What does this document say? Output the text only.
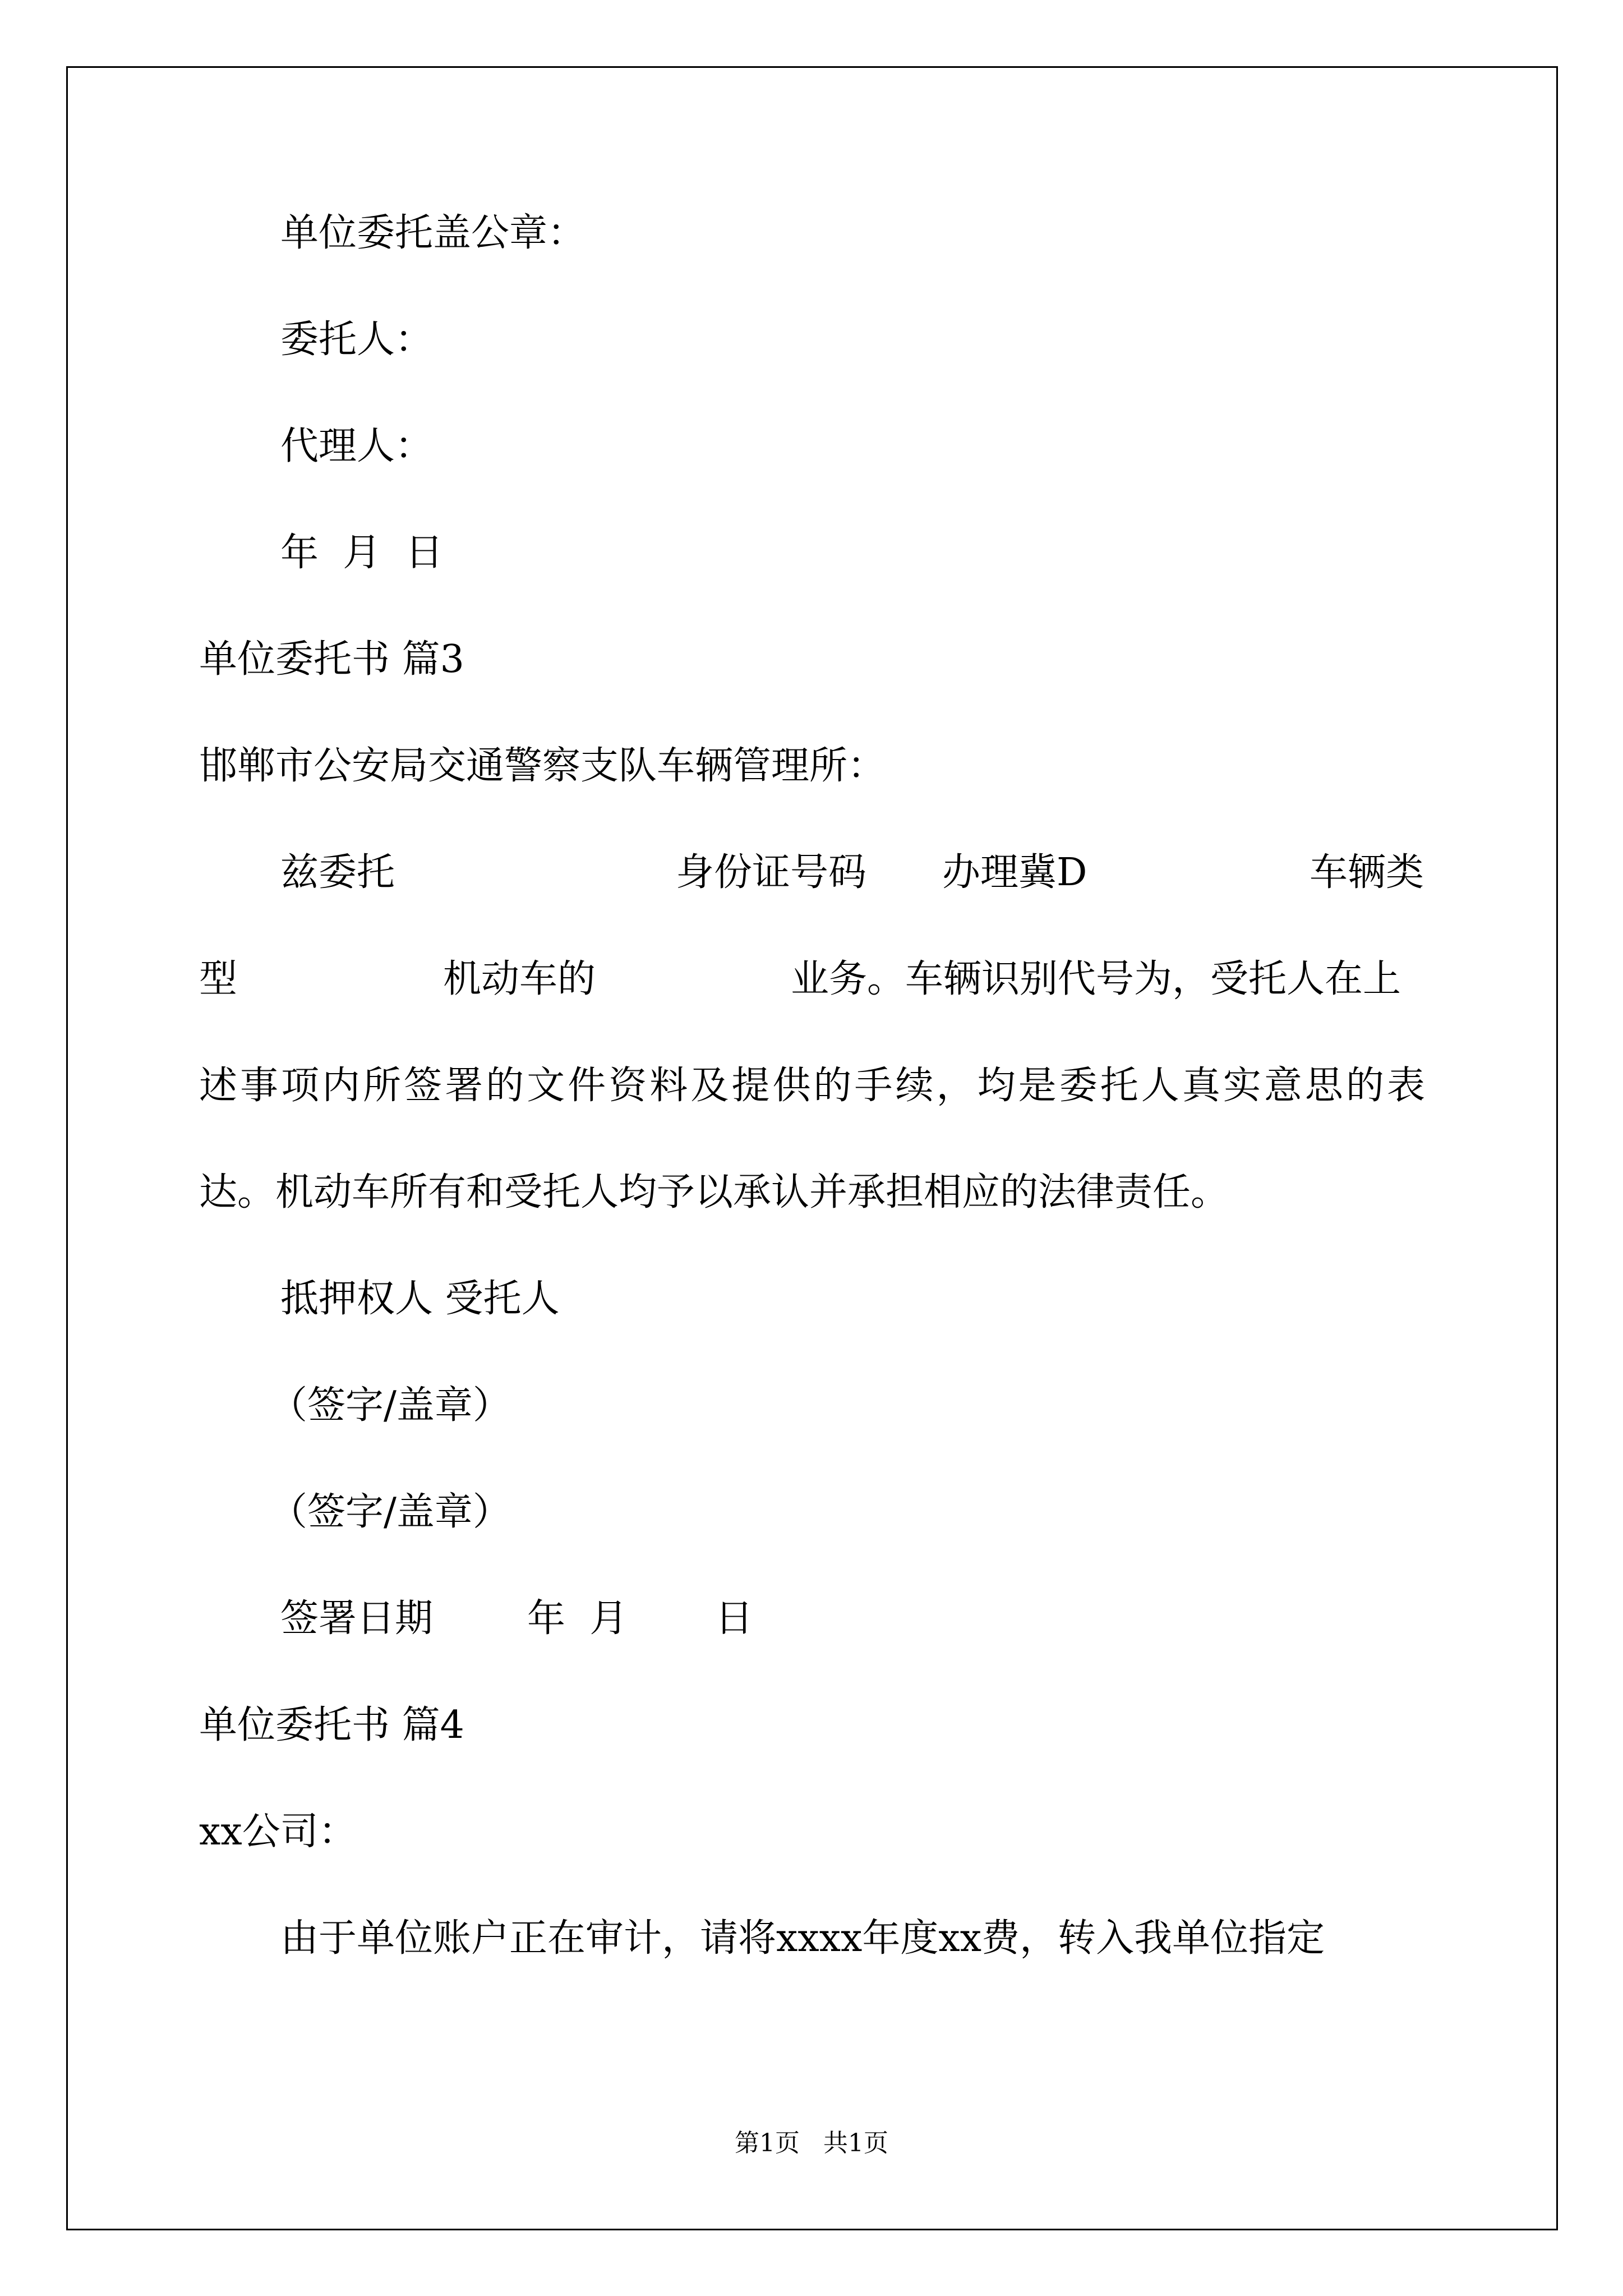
单位委托盖公章：
委托人：
代理人：
年  月  日
单位委托书 篇3
邯郸市公安局交通警察支队车辆管理所：
兹委托	身份证号码 办理冀D	车辆类
型	机动车的	业务。车辆识别代号为，受托人在上
述事项内所签署的文件资料及提供的手续，均是委托人真实意思的表
达。机动车所有和受托人均予以承认并承担相应的法律责任。
抵押权人 受托人
（签字/盖章）
（签字/盖章）
签署日期 年  月 日
单位委托书 篇4
xx公司：
由于单位账户正在审计，请将xxxx年度xx费，转入我单位指定
第1页   共1页
